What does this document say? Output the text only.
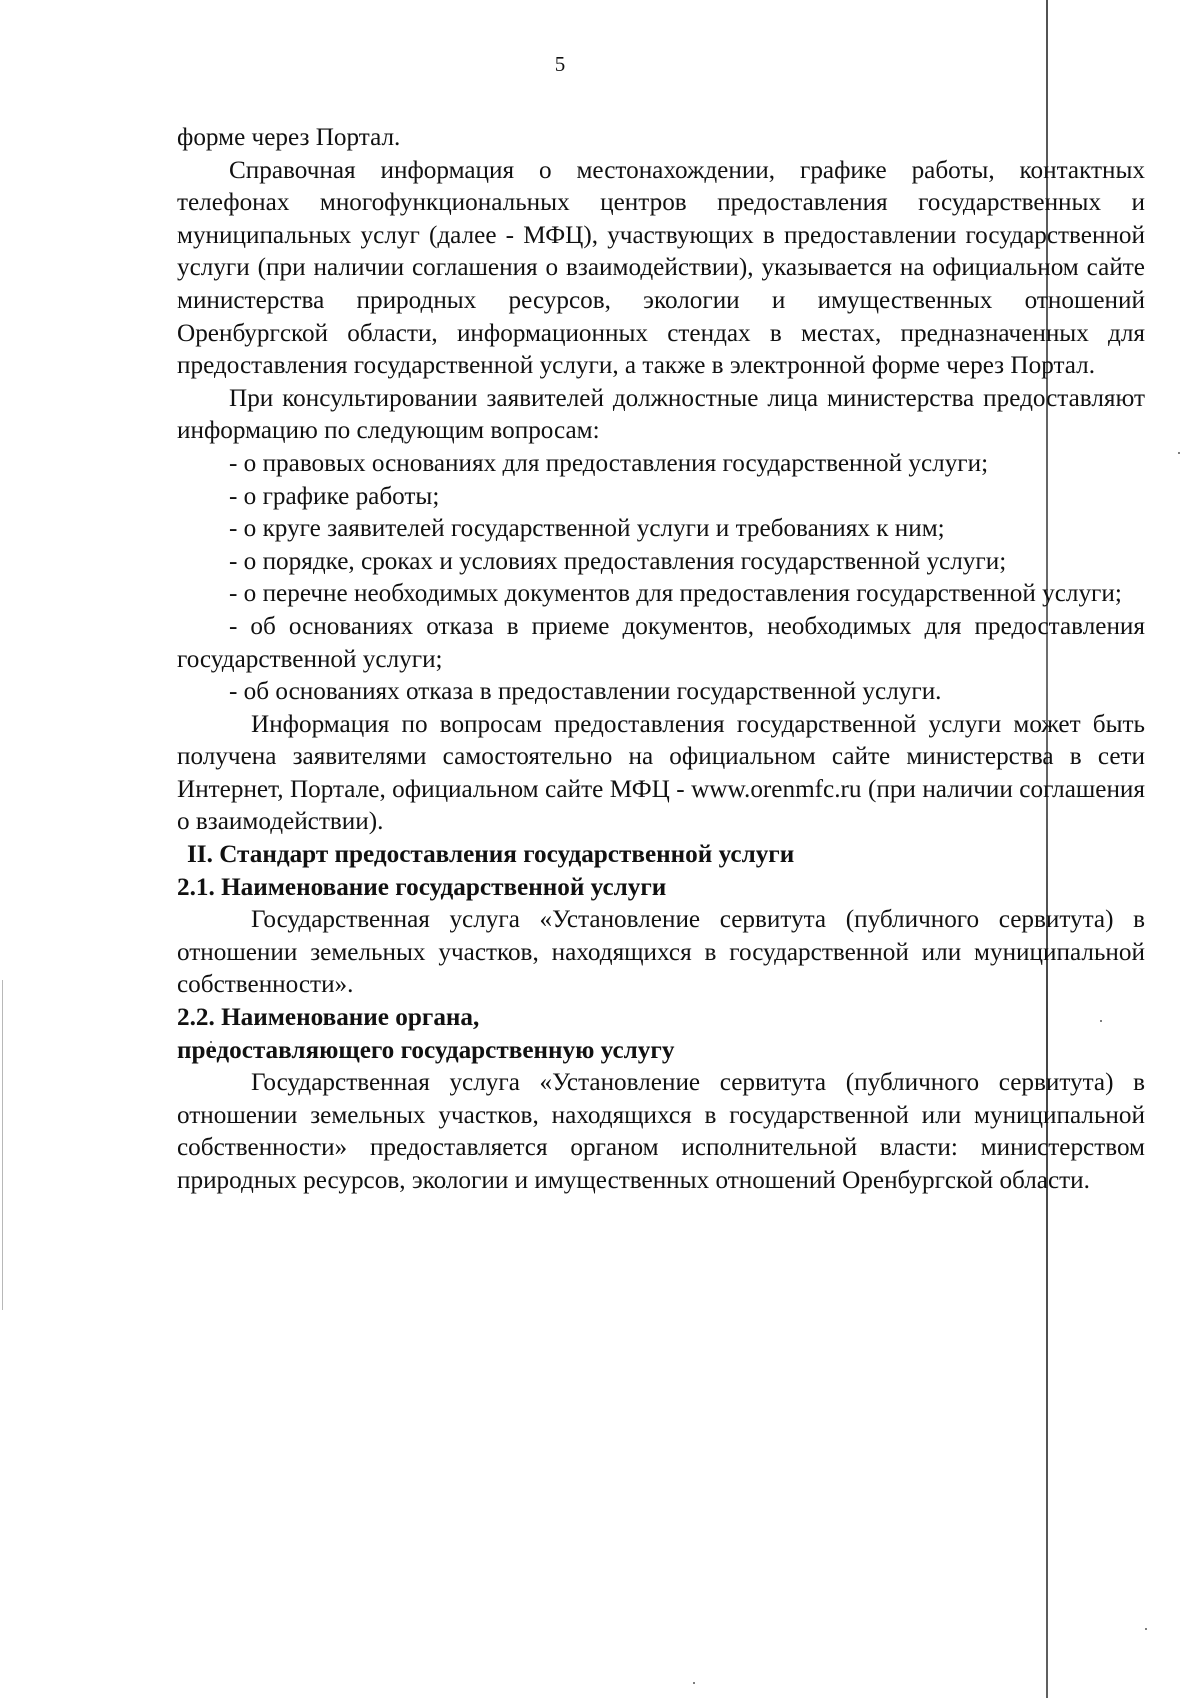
5

форме через Портал.

Справочная информация о местонахождении, графике работы, контактных телефонах многофункциональных центров предоставления государственных и муниципальных услуг (далее - МФЦ), участвующих в предоставлении государственной услуги (при наличии соглашения о взаимодействии), указывается на официальном сайте министерства природных ресурсов, экологии и имущественных отношений Оренбургской области, информационных стендах в местах, предназначенных для предоставления государственной услуги, а также в электронной форме через Портал.

При консультировании заявителей должностные лица министерства предоставляют информацию по следующим вопросам:

- о правовых основаниях для предоставления государственной услуги;

- о графике работы;

- о круге заявителей государственной услуги и требованиях к ним;

- о порядке, сроках и условиях предоставления государственной услуги;

- о перечне необходимых документов для предоставления государственной услуги;

- об основаниях отказа в приеме документов, необходимых для предоставления государственной услуги;

- об основаниях отказа в предоставлении государственной услуги.

Информация по вопросам предоставления государственной услуги может быть получена заявителями самостоятельно на официальном сайте министерства в сети Интернет, Портале, официальном сайте МФЦ - www.orenmfc.ru (при наличии соглашения о взаимодействии).

II. Стандарт предоставления государственной услуги

2.1. Наименование государственной услуги

Государственная услуга «Установление сервитута (публичного сервитута) в отношении земельных участков, находящихся в государственной или муниципальной собственности».

2.2. Наименование органа,

предоставляющего государственную услугу

Государственная услуга «Установление сервитута (публичного сервитута) в отношении земельных участков, находящихся в государственной или муниципальной собственности» предоставляется органом исполнительной власти: министерством природных ресурсов, экологии и имущественных отношений Оренбургской области.
